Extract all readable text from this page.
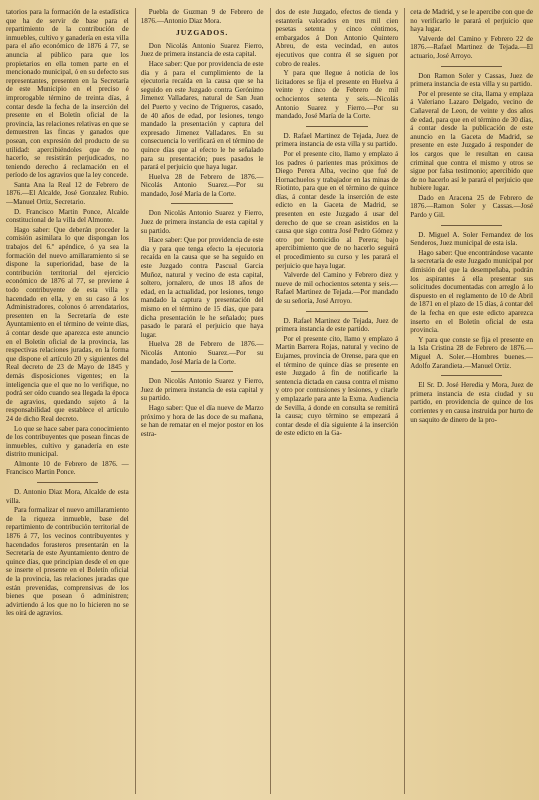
tatorios para la formación de la estadística que ha de servir de base para el repartimiento de la contribución de inmuebles, cultivo y ganadería en esta villa para el año económico de 1876 á 77, se anuncia al público para que los propietarios en ella tomen parte en el mencionado municipal, ó en su defecto sus representantes, presenten en la Secretaría de este Municipio en el preciso é improrogable término de treinta días, á contar desde la fecha de la inserción del presente en el Boletín oficial de la provincia, las relaciones relativas en que se demuestren las fincas y ganados que posean, con expresión del producto de su utilidad: apercibiéndoles que de no hacerlo, se resistirán perjudicados, no teniendo derecho á reclamación en el período de los agravios que la ley concede.

Santa Ana la Real 12 de Febrero de 1876.—El Alcalde, José Gonzalez Rubio.—Manuel Ortiz, Secretario.

D. Francisco Martin Ponce, Alcalde constitucional de la villa del Almonte.

Hago saber: Que deberán proceder la comisión asimilara lo que dispongan los trabajos del 6.º apéndice, ó ya sea la formación del nuevo amillaramiento si se dispone la superioridad, base de la contribución territorial del ejercicio económico de 1876 al 77, se previene á todo contribuyente de esta villa y hacendado en ella, y en su caso á los Administradores, colonos ó arrendatarios, presenten en la Secretaría de este Ayuntamiento en el término de veinte días, á contar desde que aparezca este anuncio en el Boletín oficial de la provincia, las respectivas relaciones juradas, en la forma que dispone el artículo 20 y siguientes del Real decreto de 23 de Mayo de 1845 y demás disposiciones vigentes; en la inteligencia que el que no lo verifique, no podrá ser oído cuando sea llegada la época de agravios, quedando sujeto á la responsabilidad que establece el artículo 24 de dicho Real decreto.

Lo que se hace saber para conocimiento de los contribuyentes que posean fincas de inmuebles, cultivo y ganadería en este distrito municipal.

Almonte 10 de Febrero de 1876. —Francisco Martin Ponce.

D. Antonio Diaz Mora, Alcalde de esta villa.

Para formalizar el nuevo amillaramiento de la riqueza inmueble, base del repartimiento de contribución territorial de 1876 á 77, los vecinos contribuyentes y hacendados forasteros presentarán en la Secretaría de este Ayuntamiento dentro de quince días, que principian desde el en que se inserte el presente en el Boletín oficial de la provincia, las relaciones juradas que están prevenidas, comprensivas de los bienes que posean ó administren; advirtiendo á los que no lo hicieren no se les oirá de agravios.

Puebla de Guzman 9 de Febrero de 1876.—Antonio Diaz Mora.

JUZGADOS.

Don Nicolás Antonio Suarez Fierro, Juez de primera instancia de esta capital.

Hace saber: Que por providencia de este día y á para el cumplimiento de la ejecutoria recaída en la causa que se ha seguido en este Juzgado contra Gerónimo Jimenez Valladares, natural de San Juan del Puerto y vecino de Trigueros, casado, de 40 años de edad, por lesiones, tengo mandado la presentación y captura del expresado Jimenez Valladares. En su consecuencia lo verificará en el término de quince días que al efecto le he señalado para su presentación; pues pasados le parará el perjuicio que haya lugar.

Huelva 28 de Febrero de 1876.—Nicolás Antonio Suarez.—Por su mandado, José María de la Corte.

Don Nicolás Antonio Suarez y Fierro, Juez de primera instancia de esta capital y su partido.

Hace saber: Que por providencia de este día y para que tenga efecto la ejecutoria recaída en la causa que se ha seguido en este Juzgado contra Pascual Garcia Muñoz, natural y vecino de esta capital, soltero, jornalero, de unos 18 años de edad, en la actualidad, por lesiones, tengo mandado la captura y presentación del mismo en el término de 15 días, que para dicha presentación le he señalado; pues pasado le parará el perjuicio que haya lugar.

Huelva 28 de Febrero de 1876.—Nicolás Antonio Suarez.—Por su mandado, José María de la Corte.

Don Nicolás Antonio Suarez y Fierro, Juez de primera instancia de esta capital y su partido.

Hago saber: Que el día nueve de Marzo próximo y hora de las doce de su mañana, se han de rematar en el mejor postor en los estra-

dos de este Juzgado, efectos de tienda y estantería valorados en tres mil cien pesetas setenta y cinco céntimos, embargados á Don Antonio Quintero Abreu, de esta vecindad, en autos ejecutivos que contra él se siguen por cobro de reales.

Y para que llegue á noticia de los licitadores se fija el presente en Huelva á veinte y cinco de Febrero de mil ochocientos setenta y seis.—Nicolás Antonio Suarez y Fierro.—Por su mandado, José María de la Corte.

D. Rafael Martinez de Tejada, Juez de primera instancia de esta villa y su partido.

Por el presente cito, llamo y emplazo á los padres ó parientes mas próximos de Diego Perera Alba, vecino que fué de Hornachuelos y trabajador en las minas de Riotinto, para que en el término de quince días, á contar desde la inserción de este edicto en la Gaceta de Madrid, se presenten en este Juzgado á usar del derecho de que se crean asistidos en la causa que sigo contra José Pedro Gómez y otro por homicidio al Perera; bajo apercibimiento que de no hacerlo seguirá el procedimiento su curso y les parará el perjuicio que haya lugar.

Valverde del Camino y Febrero diez y nueve de mil ochocientos setenta y seis.—Rafael Martinez de Tejada.—Por mandado de su señoría, José Arroyo.

D. Rafael Martinez de Tejada, Juez de primera instancia de este partido.

Por el presente cito, llamo y emplazo á Martin Barrera Rojas, natural y vecino de Eujames, provincia de Orense, para que en el término de quince días se presente en este Juzgado á fin de notificarle la sentencia dictada en causa contra el mismo y otro por contusiones y lesiones, y citarle y emplazarle para ante la Exma. Audiencia de Sevilla, á donde en consulta se remitirá la causa; cuyo término se empezará á contar desde el día siguiente á la inserción de este edicto en la Ga-

ceta de Madrid, y se le apercibe con que de no verificarlo le parará el perjuicio que haya lugar.

Valverde del Camino y Febrero 22 de 1876.—Rafael Martinez de Tejada.—El actuario, José Arroyo.

Don Ramon Soler y Cassas, Juez de primera instancia de esta villa y su partido.

Por el presente se cita, llama y emplaza á Valeriano Lazaro Delgado, vecino de Cañaveral de Leon, de veinte y dos años de edad, para que en el término de 30 días, á contar desde la publicación de este anuncio en la Gaceta de Madrid, se presente en este Juzgado á responder de los cargos que le resultan en causa criminal que contra el mismo y otros se sigue por falsa testimonio; apercibido que de no hacerlo así le parará el perjuicio que hubiere lugar.

Dado en Aracena 25 de Febrero de 1876.—Ramon Soler y Cassas.—José Pardo y Gil.

D. Miguel A. Soler Fernandez de los Senderos, Juez municipal de esta isla.

Hago saber: Que encontrándose vacante la secretaría de este Juzgado municipal por dimisión del que la desempeñaba, podrán los aspirantes á ella presentar sus solicitudes documentadas con arreglo á lo dispuesto en el reglamento de 10 de Abril de 1871 en el plazo de 15 días, á contar del de la fecha en que este edicto aparezca inserto en el Boletín oficial de esta provincia.

Y para que conste se fija el presente en la Isla Cristina 28 de Febrero de 1876.—Miguel A. Soler.—Hombres buenes.—Adolfo Zarandieta.—Manuel Ortiz.

El Sr. D. José Heredia y Mora, Juez de primera instancia de esta ciudad y su partido, en providencia de quince de los corrientes y en causa instruida por hurto de un saquito de dinero de la pro-
